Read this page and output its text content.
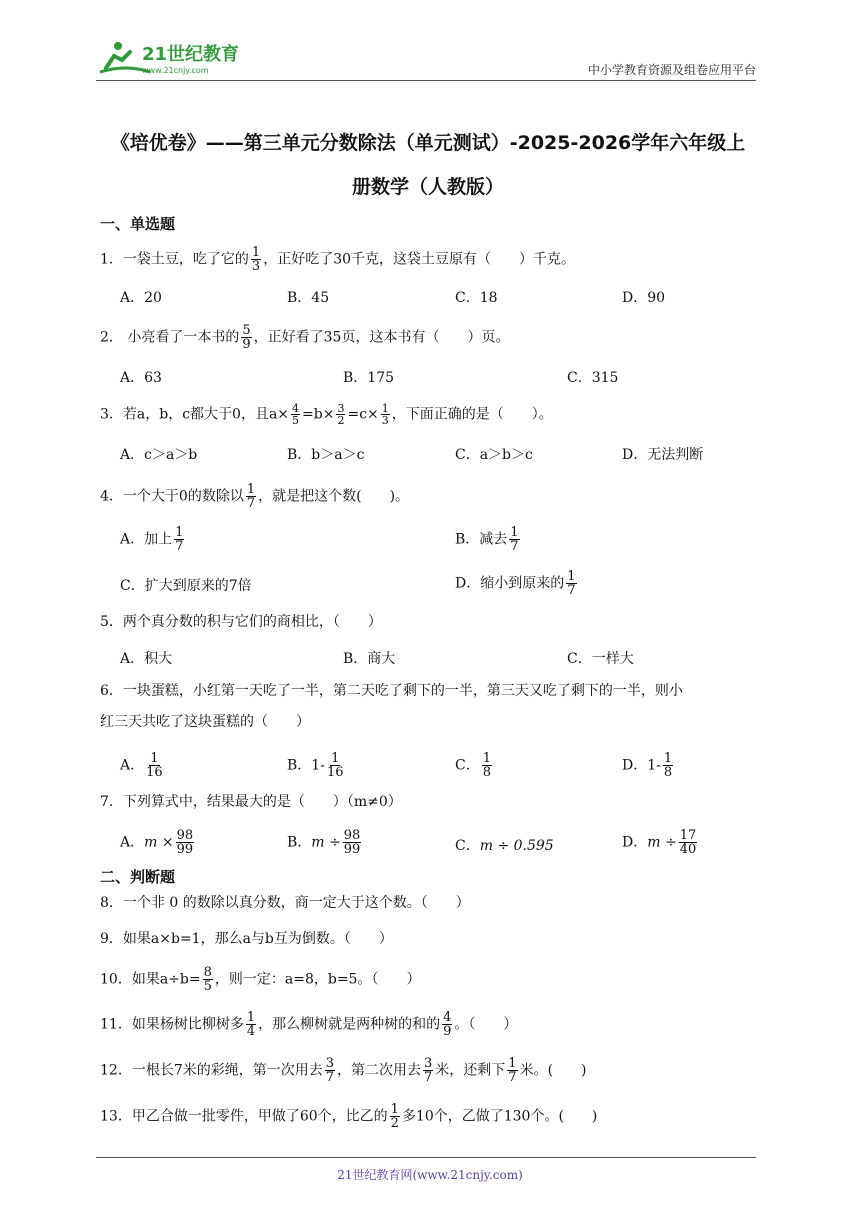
21世纪教育
www.21cnjy.com	中小学教育资源及组卷应用平台
《培优卷》——第三单元分数除法（单元测试）-2025-2026学年六年级上
册数学（人教版）
一、单选题
1．一袋土豆，吃了它的 $\frac{1}{3}$ ，正好吃了30千克，这袋土豆原有（　　）千克。
A．20	B．45	C．18	D．90
2． 小亮看了一本书的 $\frac{5}{9}$ ，正好看了35页，这本书有（　　）页。
A．63	B．175	C．315
3．若a，b，c都大于0，且$a\times \frac{4}{5} =b\times \frac{3}{2} =c\times \frac{1}{3}$ ，下面正确的是（　　）。
A．c＞a＞b	B．b＞a＞c	C．a＞b＞c	D．无法判断
4．一个大于0的数除以 $\frac{1}{7}$ ，就是把这个数(　　)。
A．加上 $\frac{1}{7}$	B．减去 $\frac{1}{7}$
C．扩大到原来的7倍	D．缩小到原来的 $\frac{1}{7}$
5．两个真分数的积与它们的商相比，（　　）
A．积大	B．商大	C．一样大
6．一块蛋糕，小红第一天吃了一半，第二天吃了剩下的一半，第三天又吃了剩下的一半，则小
红三天共吃了这块蛋糕的（　　）
A． $\frac{1}{16}$	B．$1- \frac{1}{16}$	C． $\frac{1}{8}$	D．$1- \frac{1}{8}$
7．下列算式中，结果最大的是（　　）（m≠0）
A．$m \times \frac{98}{99}$	B．$m \div \frac{98}{99}$	C．m ÷ 0.595	D．$m \div \frac{17}{40}$
二、判断题
8．一个非 0 的数除以真分数，商一定大于这个数。（　　）
9．如果a×b=1，那么a与b互为倒数。（　　）
10．如果$a\div b= \frac{8}{5}$ ，则一定：a=8，b=5。（　　）
11．如果杨树比柳树多 $\frac{1}{4}$ ，那么柳树就是两种树的和的 $\frac{4}{9}$ 。（　　）
12．一根长7米的彩绳，第一次用去 $\frac{3}{7}$ ，第二次用去 $\frac{3}{7}$ 米，还剩下 $\frac{1}{7}$ 米。(　　)
13．甲乙合做一批零件，甲做了60个，比乙的 $\frac{1}{2}$ 多10个，乙做了130个。(　　)
21世纪教育网(www.21cnjy.com)
